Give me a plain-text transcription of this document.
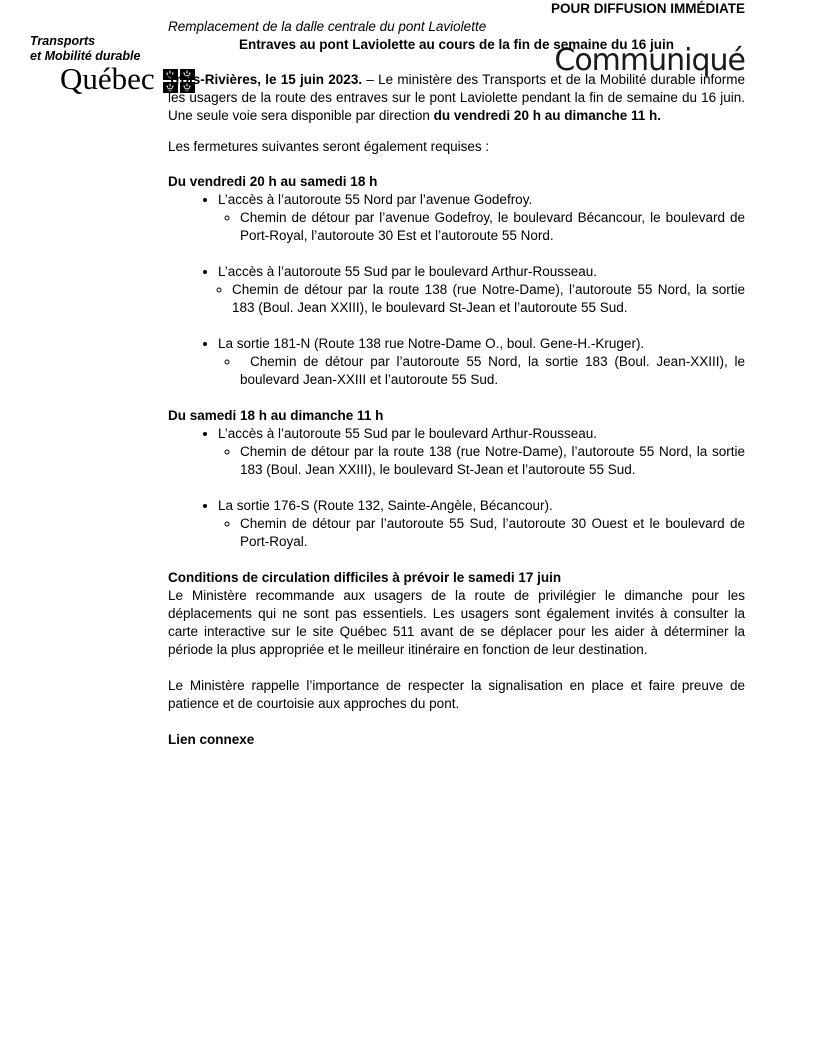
Transports
et Mobilité durable
Québec
Communiqué

POUR DIFFUSION IMMÉDIATE

Remplacement de la dalle centrale du pont Laviolette

Entraves au pont Laviolette au cours de la fin de semaine du 16 juin

Trois-Rivières, le 15 juin 2023. – Le ministère des Transports et de la Mobilité durable informe les usagers de la route des entraves sur le pont Laviolette pendant la fin de semaine du 16 juin. Une seule voie sera disponible par direction du vendredi 20 h au dimanche 11 h.

Les fermetures suivantes seront également requises :

Du vendredi 20 h au samedi 18 h
• L’accès à l’autoroute 55 Nord par l’avenue Godefroy.
◦ Chemin de détour par l’avenue Godefroy, le boulevard Bécancour, le boulevard de Port-Royal, l’autoroute 30 Est et l’autoroute 55 Nord.
• L’accès à l’autoroute 55 Sud par le boulevard Arthur-Rousseau.
◦ Chemin de détour par la route 138 (rue Notre-Dame), l’autoroute 55 Nord, la sortie 183 (Boul. Jean XXIII), le boulevard St-Jean et l’autoroute 55 Sud.
• La sortie 181-N (Route 138 rue Notre-Dame O., boul. Gene-H.-Kruger).
◦ Chemin de détour par l’autoroute 55 Nord, la sortie 183 (Boul. Jean-XXIII), le boulevard Jean-XXIII et l’autoroute 55 Sud.
Du samedi 18 h au dimanche 11 h
• L’accès à l’autoroute 55 Sud par le boulevard Arthur-Rousseau.
◦ Chemin de détour par la route 138 (rue Notre-Dame), l’autoroute 55 Nord, la sortie 183 (Boul. Jean XXIII), le boulevard St-Jean et l’autoroute 55 Sud.
• La sortie 176-S (Route 132, Sainte-Angèle, Bécancour).
◦ Chemin de détour par l’autoroute 55 Sud, l’autoroute 30 Ouest et le boulevard de Port-Royal.
Conditions de circulation difficiles à prévoir le samedi 17 juin

Le Ministère recommande aux usagers de la route de privilégier le dimanche pour les déplacements qui ne sont pas essentiels. Les usagers sont également invités à consulter la carte interactive sur le site Québec 511 avant de se déplacer pour les aider à déterminer la période la plus appropriée et le meilleur itinéraire en fonction de leur destination.

Le Ministère rappelle l’importance de respecter la signalisation en place et faire preuve de patience et de courtoisie aux approches du pont.

Lien connexe
